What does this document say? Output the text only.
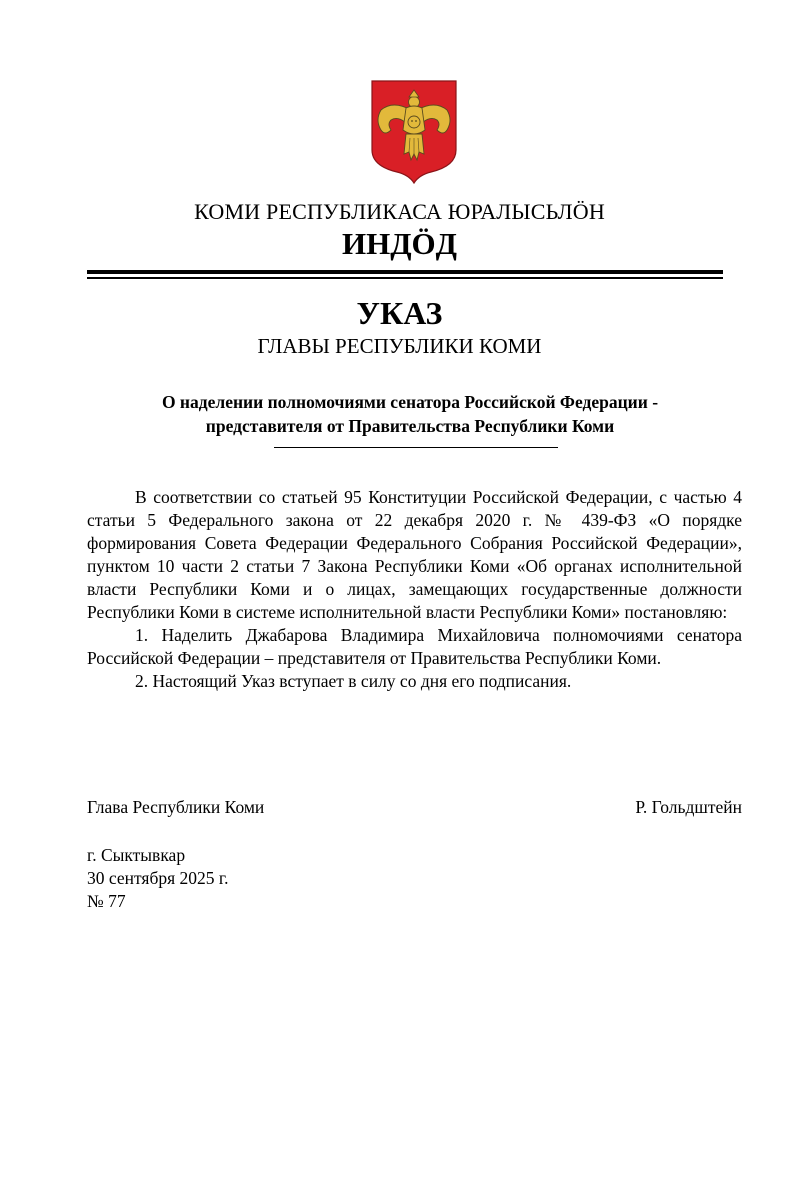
КОМИ РЕСПУБЛИКАСА ЮРАЛЫСЬЛӦН
ИНДӦД
УКАЗ
ГЛАВЫ РЕСПУБЛИКИ КОМИ
О наделении полномочиями сенатора Российской Федерации -
представителя от Правительства Республики Коми

В соответствии со статьей 95 Конституции Российской Федерации, с частью 4 статьи 5 Федерального закона от 22 декабря 2020 г. № 439-ФЗ «О порядке формирования Совета Федерации Федерального Собрания Российской Федерации», пунктом 10 части 2 статьи 7 Закона Республики Коми «Об органах исполнительной власти Республики Коми и о лицах, замещающих государственные должности Республики Коми в системе исполнительной власти Республики Коми» постановляю:

1. Наделить Джабарова Владимира Михайловича полномочиями сенатора Российской Федерации – представителя от Правительства Республики Коми.

2. Настоящий Указ вступает в силу со дня его подписания.

Глава Республики Коми	Р. Гольдштейн
г. Сыктывкар
30 сентября 2025 г.
№ 77
